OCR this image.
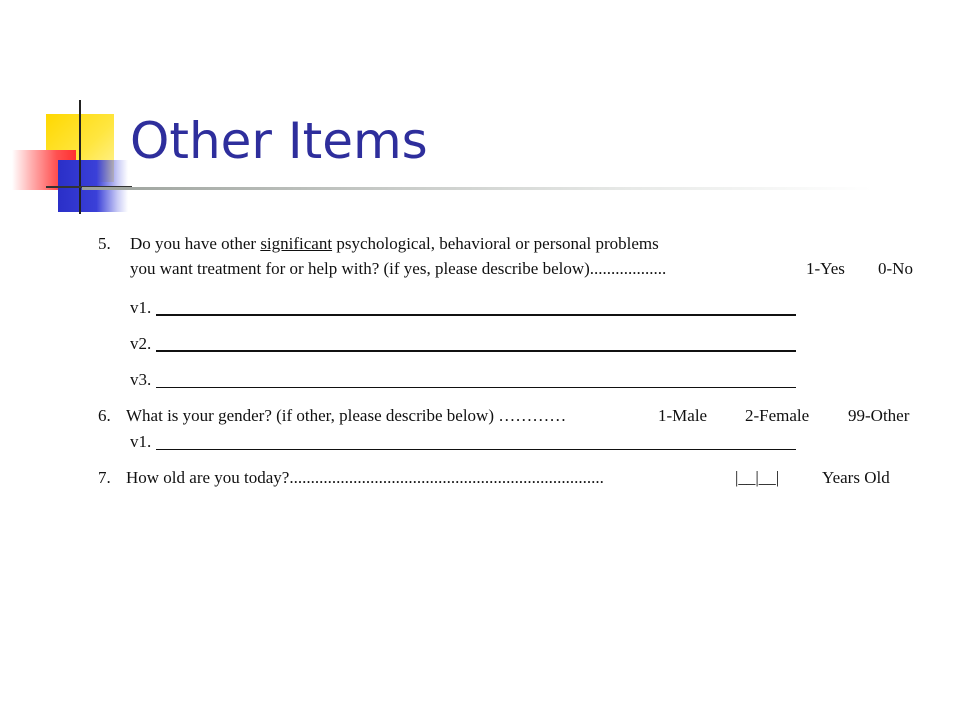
Other Items
5. Do you have other significant psychological, behavioral or personal problems
you want treatment for or help with? (if yes, please describe below)..................	1-Yes 0-No
v1.
v2.
v3.
6. What is your gender? (if other, please describe below) …………	1-Male 2-Female 99-Other
v1.
7. How old are you today?..........................................................................	|__|__|	Years Old
